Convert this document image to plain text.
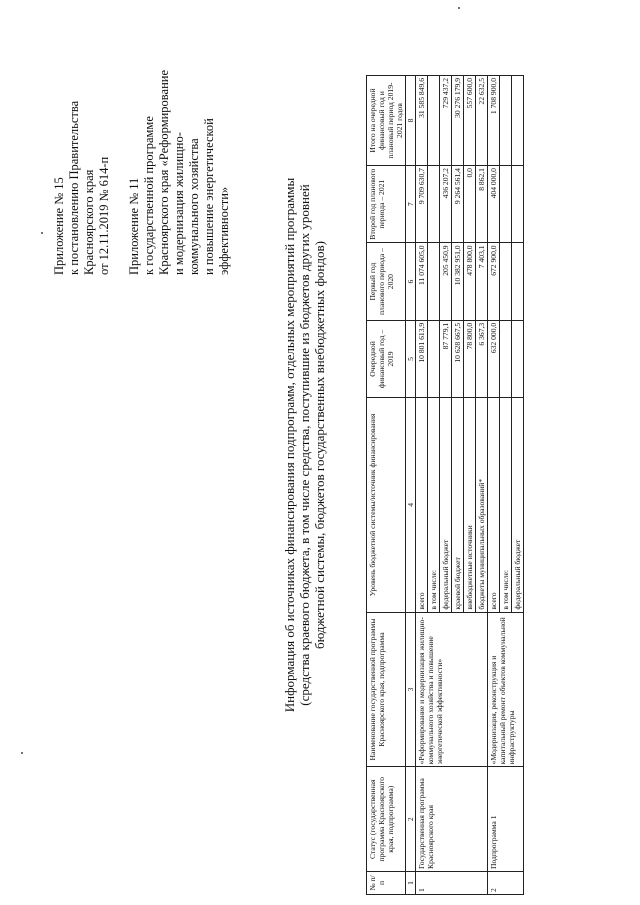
Приложение № 15 к постановлению Правительства Красноярского края от 12.11.2019 № 614-п Приложение № 11 к государственной программе Красноярского края «Реформирование и модернизация жилищно- коммунального хозяйства и повышение энергетической эффективности»	Информация об источниках финансирования подпрограмм, отдельных мероприятий программы (средства краевого бюджета, в том числе средства, поступившие из бюджетов других уровней бюджетной системы, бюджетов государственных внебюджетных фондов)
№ п/п	Статус (государственная программа Красноярского края, подпрограмма)	Наименование государственной программы Красноярского края, подпрограмма	Уровень бюджетной системы/источник финансирования	Очередной финансовый год – 2019	Первый год планового периода – 2020	Второй год планового периода – 2021	Итого на очередной финансовый год и плановый период 2019-2021 годов
1	2	3	4	5	6	7	8
1	Государственная программа Красноярского края	«Реформирование и модернизация жилищно-коммунального хозяйства и повышение энергетической эффективности»	всего	10 801 613,9	11 074 605,0	9 709 630,7	31 585 849,6
			в том числе:				
			федеральный бюджет	87 779,1	205 450,9	436 207,2	729 437,2
			краевой бюджет	10 628 667,5	10 382 951,0	9 264 561,4	30 276 179,9
			внебюджетные источники	78 800,0	478 800,0	0,0	557 600,0
			бюджеты муниципальных образований*	6 367,3	7 403,1	8 862,1	22 632,5
2	Подпрограмма 1	«Модернизация, реконструкция и капитальный ремонт объектов коммунальной инфраструктуры	всего	632 000,0	672 900,0	404 000,0	1 708 900,0
			в том числе:				
			федеральный бюджет				
